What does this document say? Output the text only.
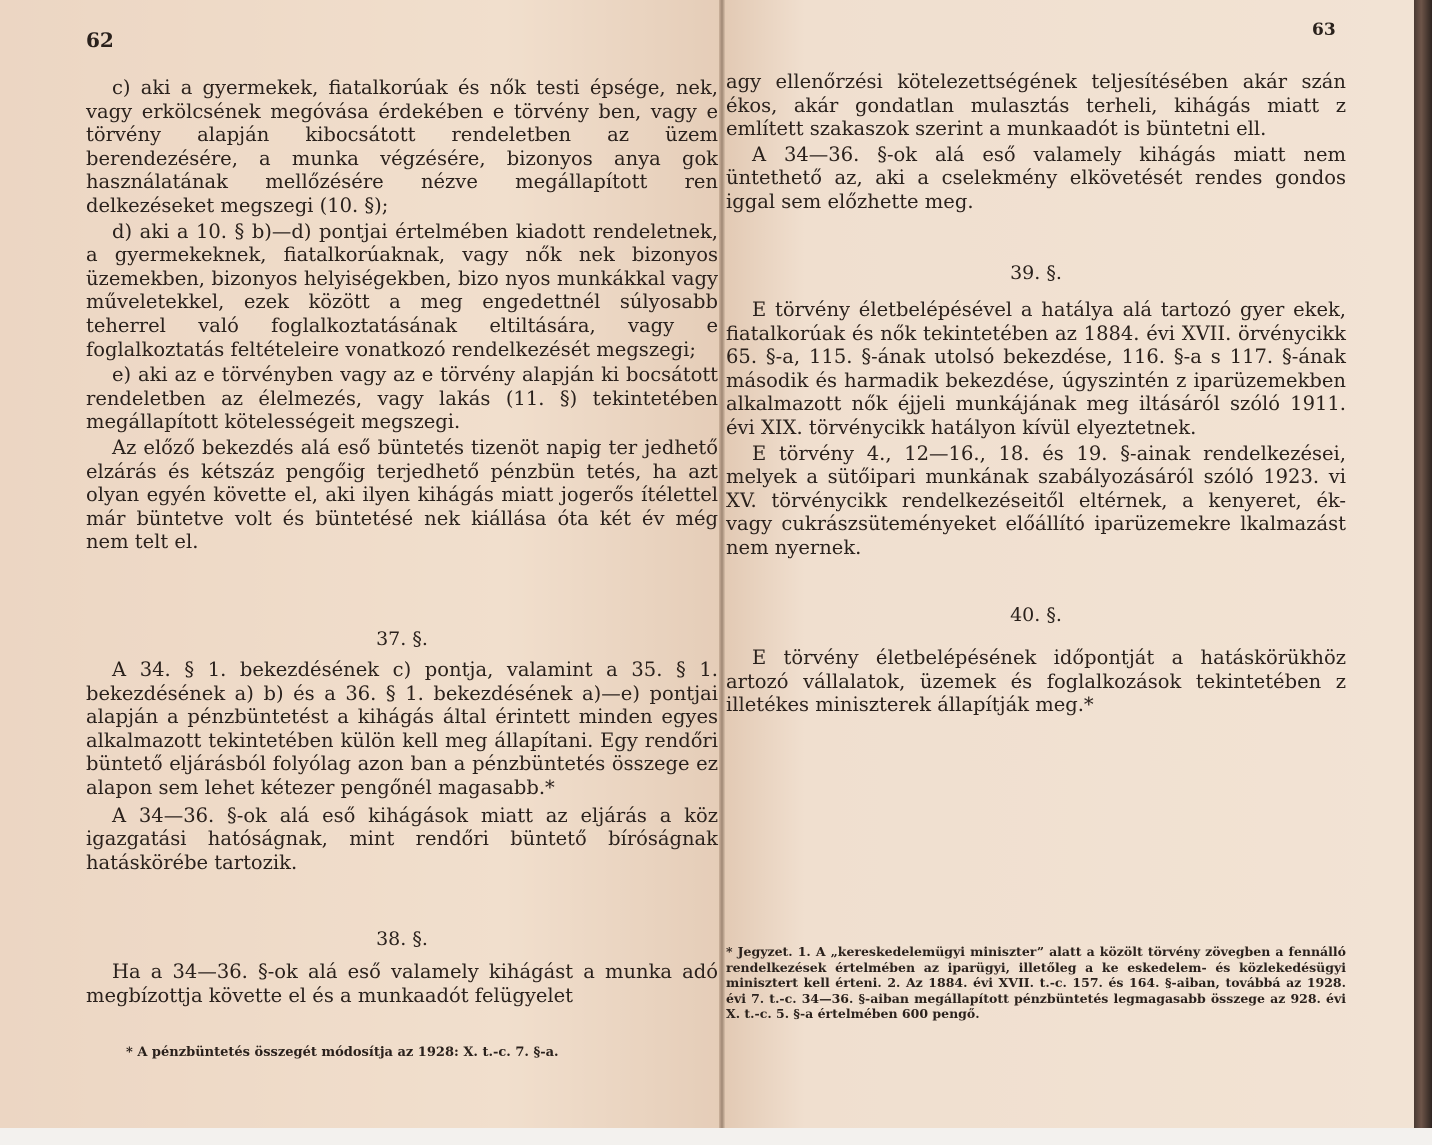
62

c) aki a gyermekek, fiatalkorúak és nők testi épsége, nek, vagy erkölcsének megóvása érdekében e törvény ben, vagy e törvény alapján kibocsátott rendeletben az üzem berendezésére, a munka végzésére, bizonyos anya gok használatának mellőzésére nézve megállapított ren delkezéseket megszegi (10. §);

d) aki a 10. § b)—d) pontjai értelmében kiadott rendeletnek, a gyermekeknek, fiatalkorúaknak, vagy nők nek bizonyos üzemekben, bizonyos helyiségekben, bizo nyos munkákkal vagy műveletekkel, ezek között a meg engedettnél súlyosabb teherrel való foglalkoztatásának eltiltására, vagy e foglalkoztatás feltételeire vonatkozó rendelkezését megszegi;

e) aki az e törvényben vagy az e törvény alapján ki bocsátott rendeletben az élelmezés, vagy lakás (11. §) tekintetében megállapított kötelességeit megszegi.

Az előző bekezdés alá eső büntetés tizenöt napig ter jedhető elzárás és kétszáz pengőig terjedhető pénzbün tetés, ha azt olyan egyén követte el, aki ilyen kihágás miatt jogerős ítélettel már büntetve volt és büntetésé nek kiállása óta két év még nem telt el.

37. §.

A 34. § 1. bekezdésének c) pontja, valamint a 35. § 1. bekezdésének a) b) és a 36. § 1. bekezdésének a)—e) pontjai alapján a pénzbüntetést a kihágás által érintett minden egyes alkalmazott tekintetében külön kell meg állapítani. Egy rendőri büntető eljárásból folyólag azon ban a pénzbüntetés összege ez alapon sem lehet kétezer pengőnél magasabb.*

A 34—36. §-ok alá eső kihágások miatt az eljárás a köz igazgatási hatóságnak, mint rendőri büntető bíróságnak hatáskörébe tartozik.

38. §.

Ha a 34—36. §-ok alá eső valamely kihágást a munka adó megbízottja követte el és a munkaadót felügyelet

* A pénzbüntetés összegét módosítja az 1928: X. t.-c. 7. §-a.
63

agy ellenőrzési kötelezettségének teljesítésében akár szán ékos, akár gondatlan mulasztás terheli, kihágás miatt z említett szakaszok szerint a munkaadót is büntetni ell.

A 34—36. §-ok alá eső valamely kihágás miatt nem üntethető az, aki a cselekmény elkövetését rendes gondos iggal sem előzhette meg.

39. §.

E törvény életbelépésével a hatálya alá tartozó gyer ekek, fiatalkorúak és nők tekintetében az 1884. évi XVII. örvénycikk 65. §-a, 115. §-ának utolsó bekezdése, 116. §-a s 117. §-ának második és harmadik bekezdése, úgyszintén z iparüzemekben alkalmazott nők éjjeli munkájának meg iltásáról szóló 1911. évi XIX. törvénycikk hatályon kívül elyeztetnek.

E törvény 4., 12—16., 18. és 19. §-ainak rendelkezései, melyek a sütőipari munkának szabályozásáról szóló 1923. vi XV. törvénycikk rendelkezéseitől eltérnek, a kenyeret, ék- vagy cukrászsüteményeket előállító iparüzemekre lkalmazást nem nyernek.

40. §.

E törvény életbelépésének időpontját a hatáskörükhöz artozó vállalatok, üzemek és foglalkozások tekintetében z illetékes miniszterek állapítják meg.*

* Jegyzet. 1. A „kereskedelemügyi miniszter” alatt a közölt törvény zövegben a fennálló rendelkezések értelmében az iparügyi, illetőleg a ke eskedelem- és közlekedésügyi minisztert kell érteni. 2. Az 1884. évi XVII. t.-c. 157. és 164. §-aiban, továbbá az 1928. évi 7. t.-c. 34—36. §-aiban megállapított pénzbüntetés legmagasabb összege az 928. évi X. t.-c. 5. §-a értelmében 600 pengő.
